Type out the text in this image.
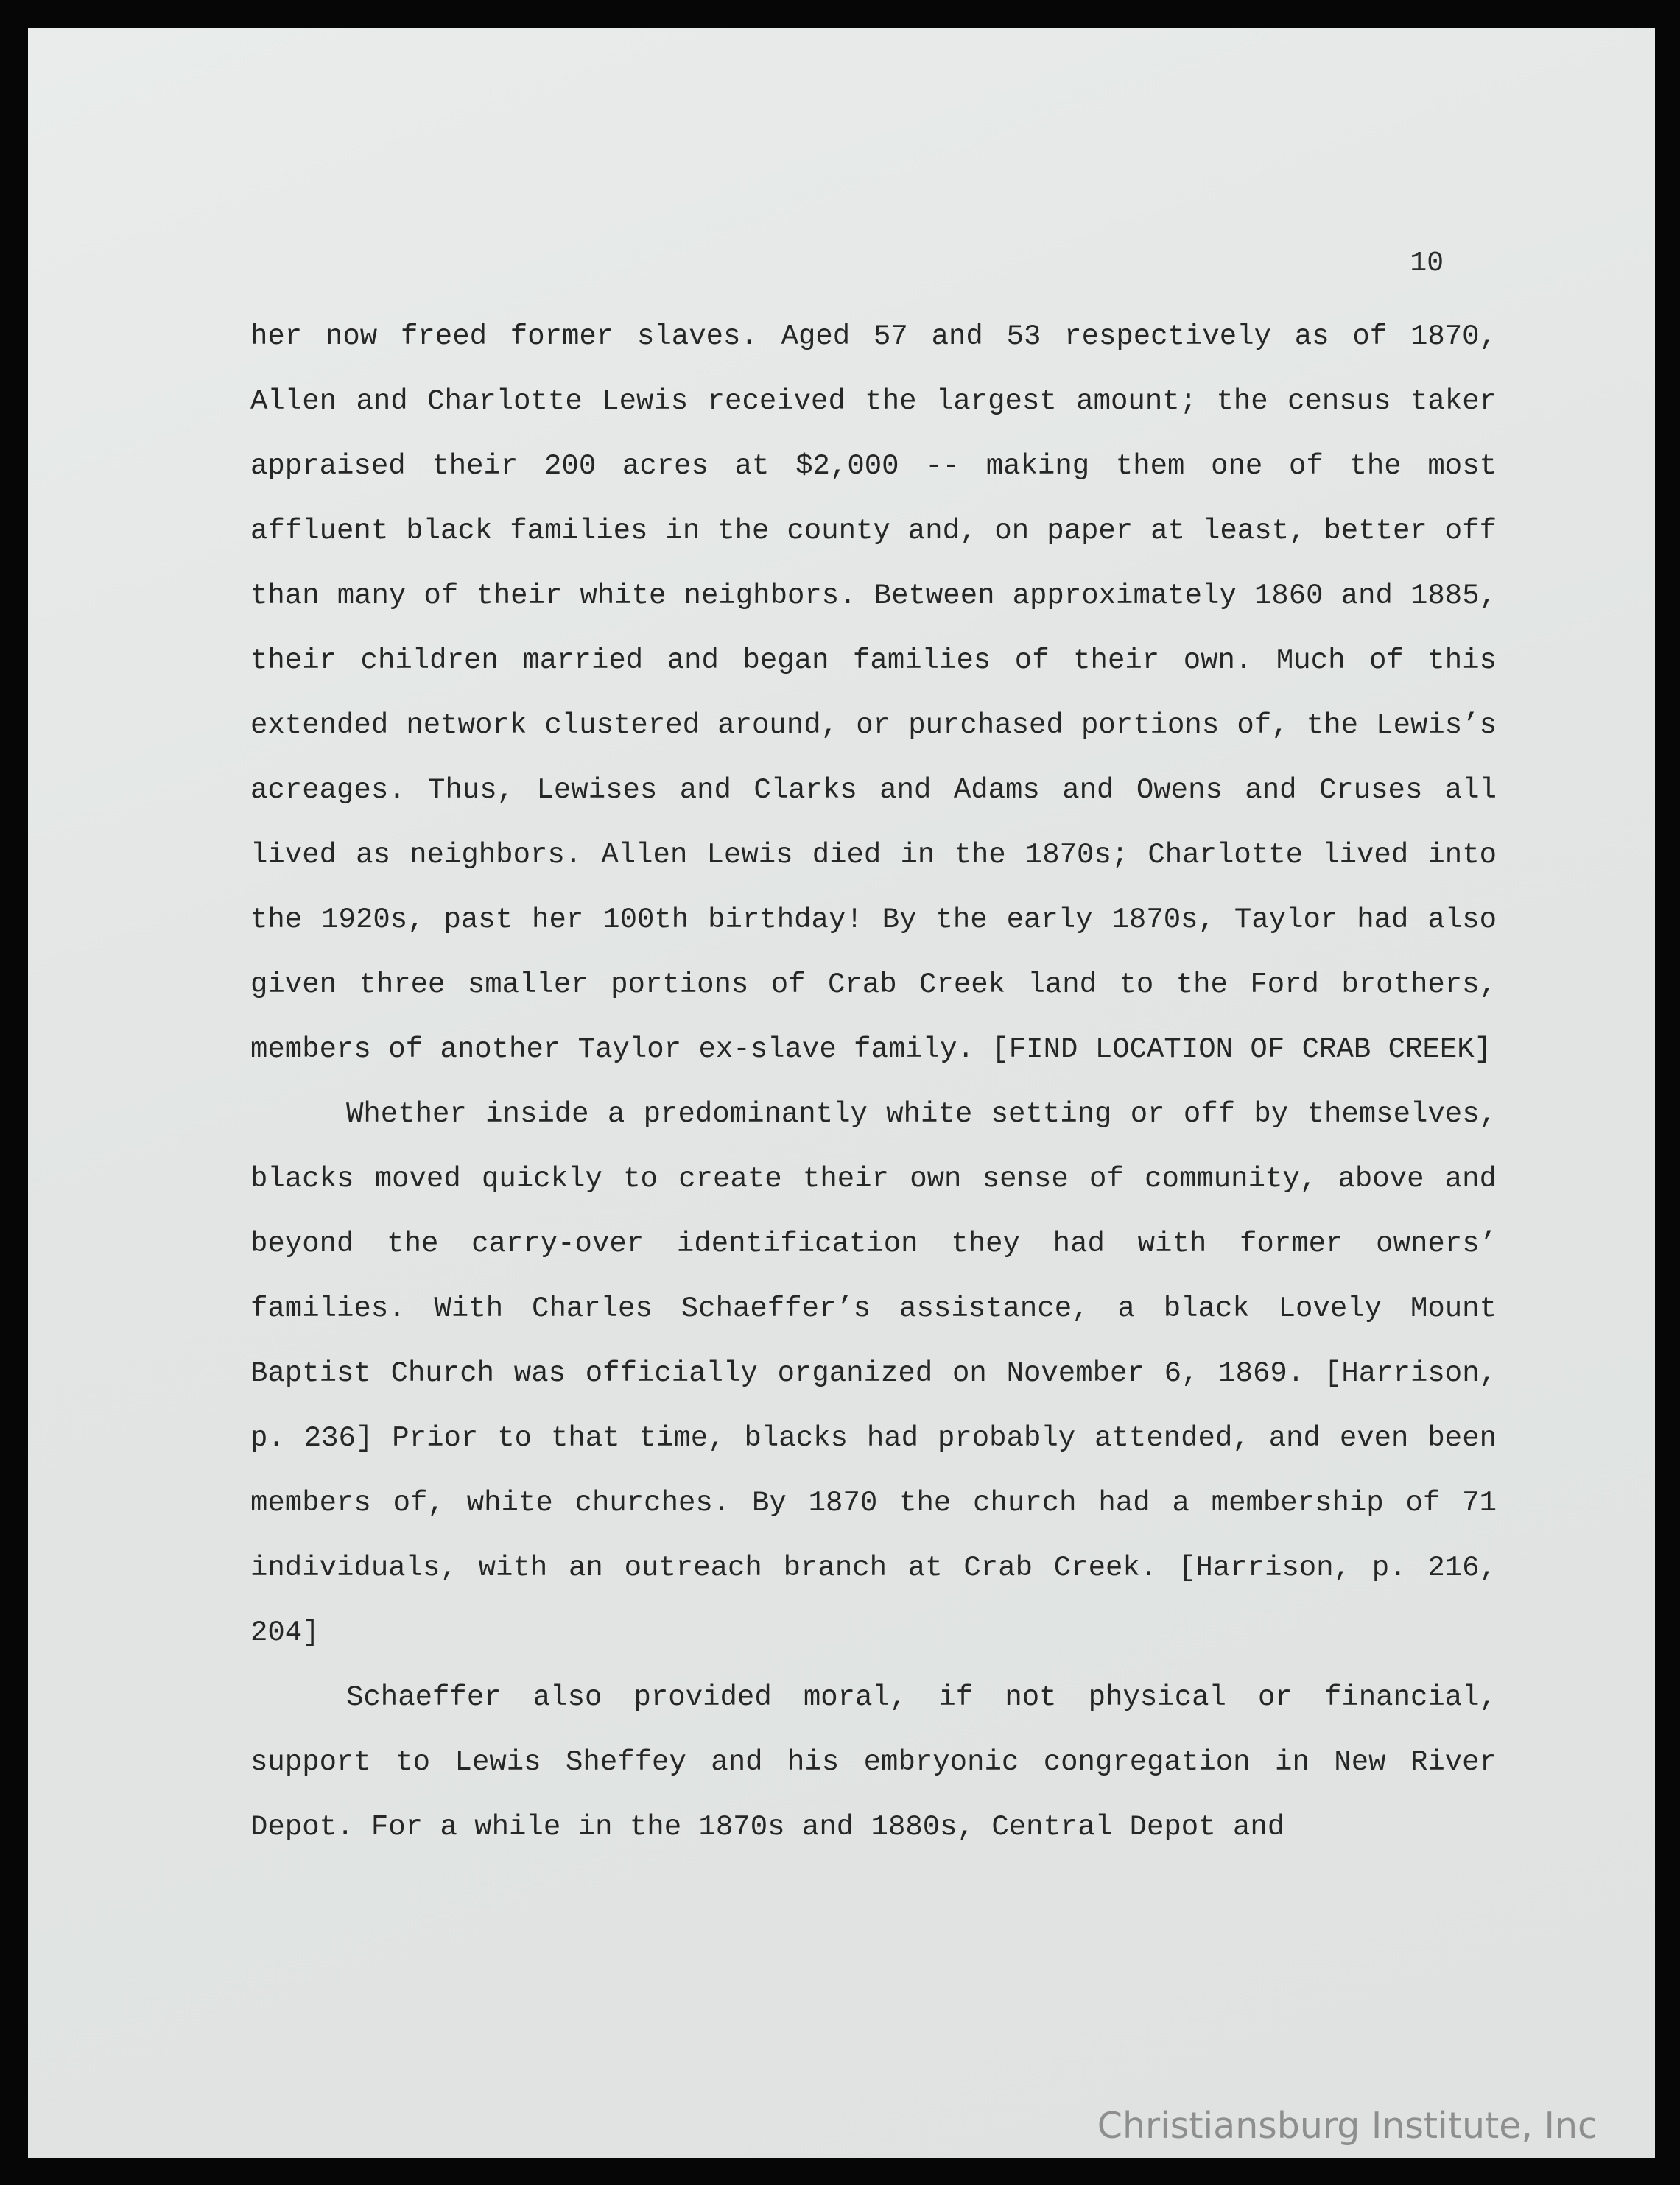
10

her now freed former slaves. Aged 57 and 53 respectively as of 1870, Allen and Charlotte Lewis received the largest amount; the census taker appraised their 200 acres at $2,000 -- making them one of the most affluent black families in the county and, on paper at least, better off than many of their white neighbors. Between approximately 1860 and 1885, their children married and began families of their own. Much of this extended network clustered around, or purchased portions of, the Lewis’s acreages. Thus, Lewises and Clarks and Adams and Owens and Cruses all lived as neighbors. Allen Lewis died in the 1870s; Charlotte lived into the 1920s, past her 100th birthday! By the early 1870s, Taylor had also given three smaller portions of Crab Creek land to the Ford brothers, members of another Taylor ex-slave family. [FIND LOCATION OF CRAB CREEK]

Whether inside a predominantly white setting or off by themselves, blacks moved quickly to create their own sense of community, above and beyond the carry-over identification they had with former owners’ families. With Charles Schaeffer’s assistance, a black Lovely Mount Baptist Church was officially organized on November 6, 1869. [Harrison, p. 236] Prior to that time, blacks had probably attended, and even been members of, white churches. By 1870 the church had a membership of 71 individuals, with an outreach branch at Crab Creek. [Harrison, p. 216, 204]

Schaeffer also provided moral, if not physical or financial, support to Lewis Sheffey and his embryonic congregation in New River Depot. For a while in the 1870s and 1880s, Central Depot and

Christiansburg Institute, Inc
